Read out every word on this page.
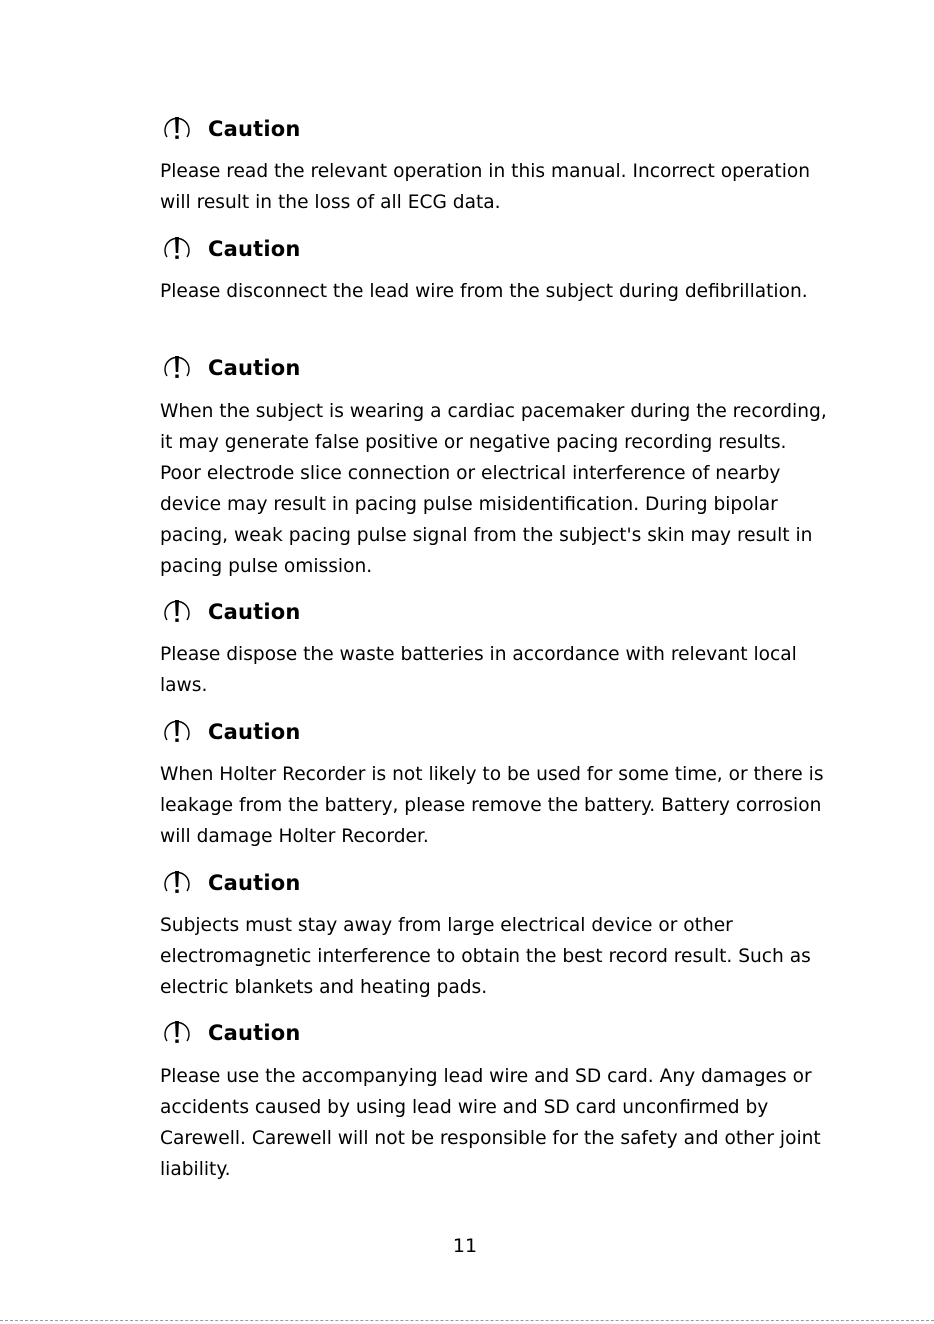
Caution

Please read the relevant operation in this manual. Incorrect operation will result in the loss of all ECG data.

Caution

Please disconnect the lead wire from the subject during defibrillation.

Caution

When the subject is wearing a cardiac pacemaker during the recording, it may generate false positive or negative pacing recording results. Poor electrode slice connection or electrical interference of nearby device may result in pacing pulse misidentification. During bipolar pacing, weak pacing pulse signal from the subject's skin may result in pacing pulse omission.

Caution

Please dispose the waste batteries in accordance with relevant local laws.

Caution

When Holter Recorder is not likely to be used for some time, or there is leakage from the battery, please remove the battery. Battery corrosion will damage Holter Recorder.

Caution

Subjects must stay away from large electrical device or other electromagnetic interference to obtain the best record result. Such as electric blankets and heating pads.

Caution

Please use the accompanying lead wire and SD card. Any damages or accidents caused by using lead wire and SD card unconfirmed by Carewell. Carewell will not be responsible for the safety and other joint liability.

11
